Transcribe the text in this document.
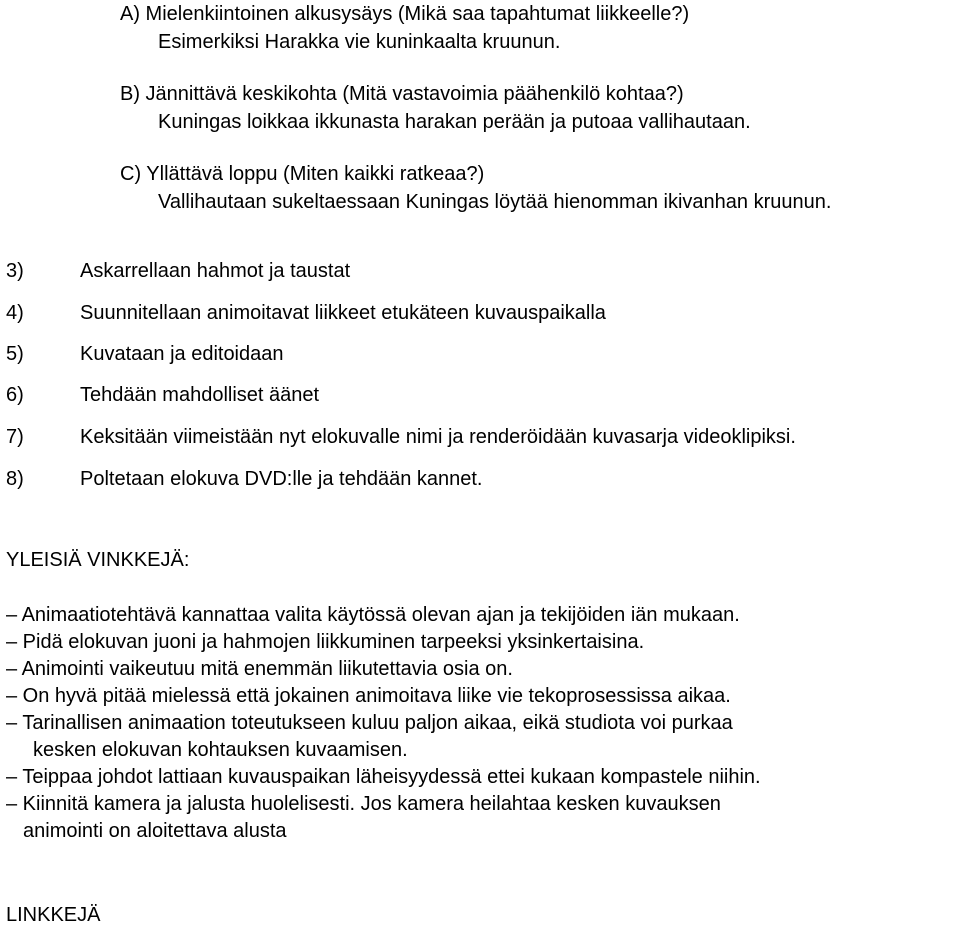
A) Mielenkiintoinen alkusysäys (Mikä saa tapahtumat liikkeelle?)
Esimerkiksi Harakka vie kuninkaalta kruunun.
B) Jännittävä keskikohta (Mitä vastavoimia päähenkilö kohtaa?)
Kuningas loikkaa ikkunasta harakan perään ja putoaa vallihautaan.
C) Yllättävä loppu (Miten kaikki ratkeaa?)
Vallihautaan sukeltaessaan Kuningas löytää hienomman ikivanhan kruunun.
3)	Askarrellaan hahmot ja taustat
4)	Suunnitellaan animoitavat liikkeet etukäteen kuvauspaikalla
5)	Kuvataan ja editoidaan
6)	Tehdään mahdolliset äänet
7)	Keksitään viimeistään nyt elokuvalle nimi ja renderöidään kuvasarja videoklipiksi.
8)	Poltetaan elokuva DVD:lle ja tehdään kannet.
YLEISIÄ VINKKEJÄ:
– Animaatiotehtävä kannattaa valita käytössä olevan ajan ja tekijöiden iän mukaan.
– Pidä elokuvan juoni ja hahmojen liikkuminen tarpeeksi yksinkertaisina.
– Animointi vaikeutuu mitä enemmän liikutettavia osia on.
– On hyvä pitää mielessä että jokainen animoitava liike vie tekoprosessissa aikaa.
– Tarinallisen animaation toteutukseen kuluu paljon aikaa, eikä studiota voi purkaa
kesken elokuvan kohtauksen kuvaamisen.
– Teippaa johdot lattiaan kuvauspaikan läheisyydessä ettei kukaan kompastele niihin.
– Kiinnitä kamera ja jalusta huolelisesti. Jos kamera heilahtaa kesken kuvauksen
animointi on aloitettava alusta
LINKKEJÄ
